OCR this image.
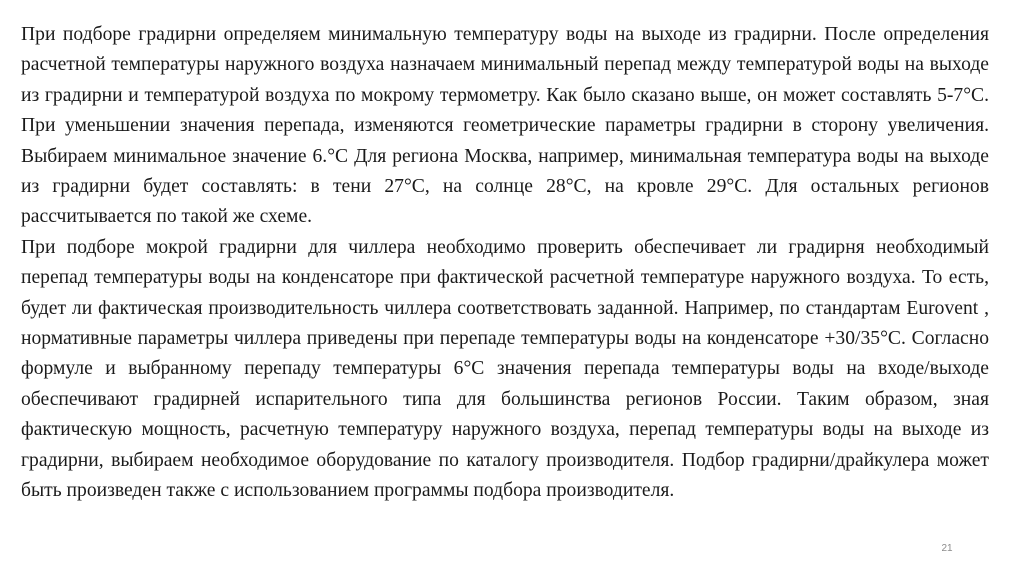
При подборе градирни определяем минимальную температуру воды на выходе из градирни. После определения расчетной температуры наружного воздуха назначаем минимальный перепад между температурой воды на выходе из градирни и температурой воздуха по мокрому термометру. Как было сказано выше, он может составлять 5-7°С. При уменьшении значения перепада, изменяются геометрические параметры градирни в сторону увеличения. Выбираем минимальное значение 6.°С Для региона Москва, например, минимальная температура воды на выходе из градирни будет составлять: в тени 27°С, на солнце 28°С, на кровле 29°С. Для остальных регионов рассчитывается по такой же схеме.

При подборе мокрой градирни для чиллера необходимо проверить обеспечивает ли градирня необходимый перепад температуры воды на конденсаторе при фактической расчетной температуре наружного воздуха. То есть, будет ли фактическая производительность чиллера соответствовать заданной. Например, по стандартам Eurovent , нормативные параметры чиллера приведены при перепаде температуры воды на конденсаторе +30/35°С. Согласно формуле и выбранному перепаду температуры 6°С значения перепада температуры воды на входе/выходе обеспечивают градирней испарительного типа для большинства регионов России. Таким образом, зная фактическую мощность, расчетную температуру наружного воздуха, перепад температуры воды на выходе из градирни, выбираем необходимое оборудование по каталогу производителя. Подбор градирни/драйкулера может быть произведен также с использованием программы подбора производителя.

21
